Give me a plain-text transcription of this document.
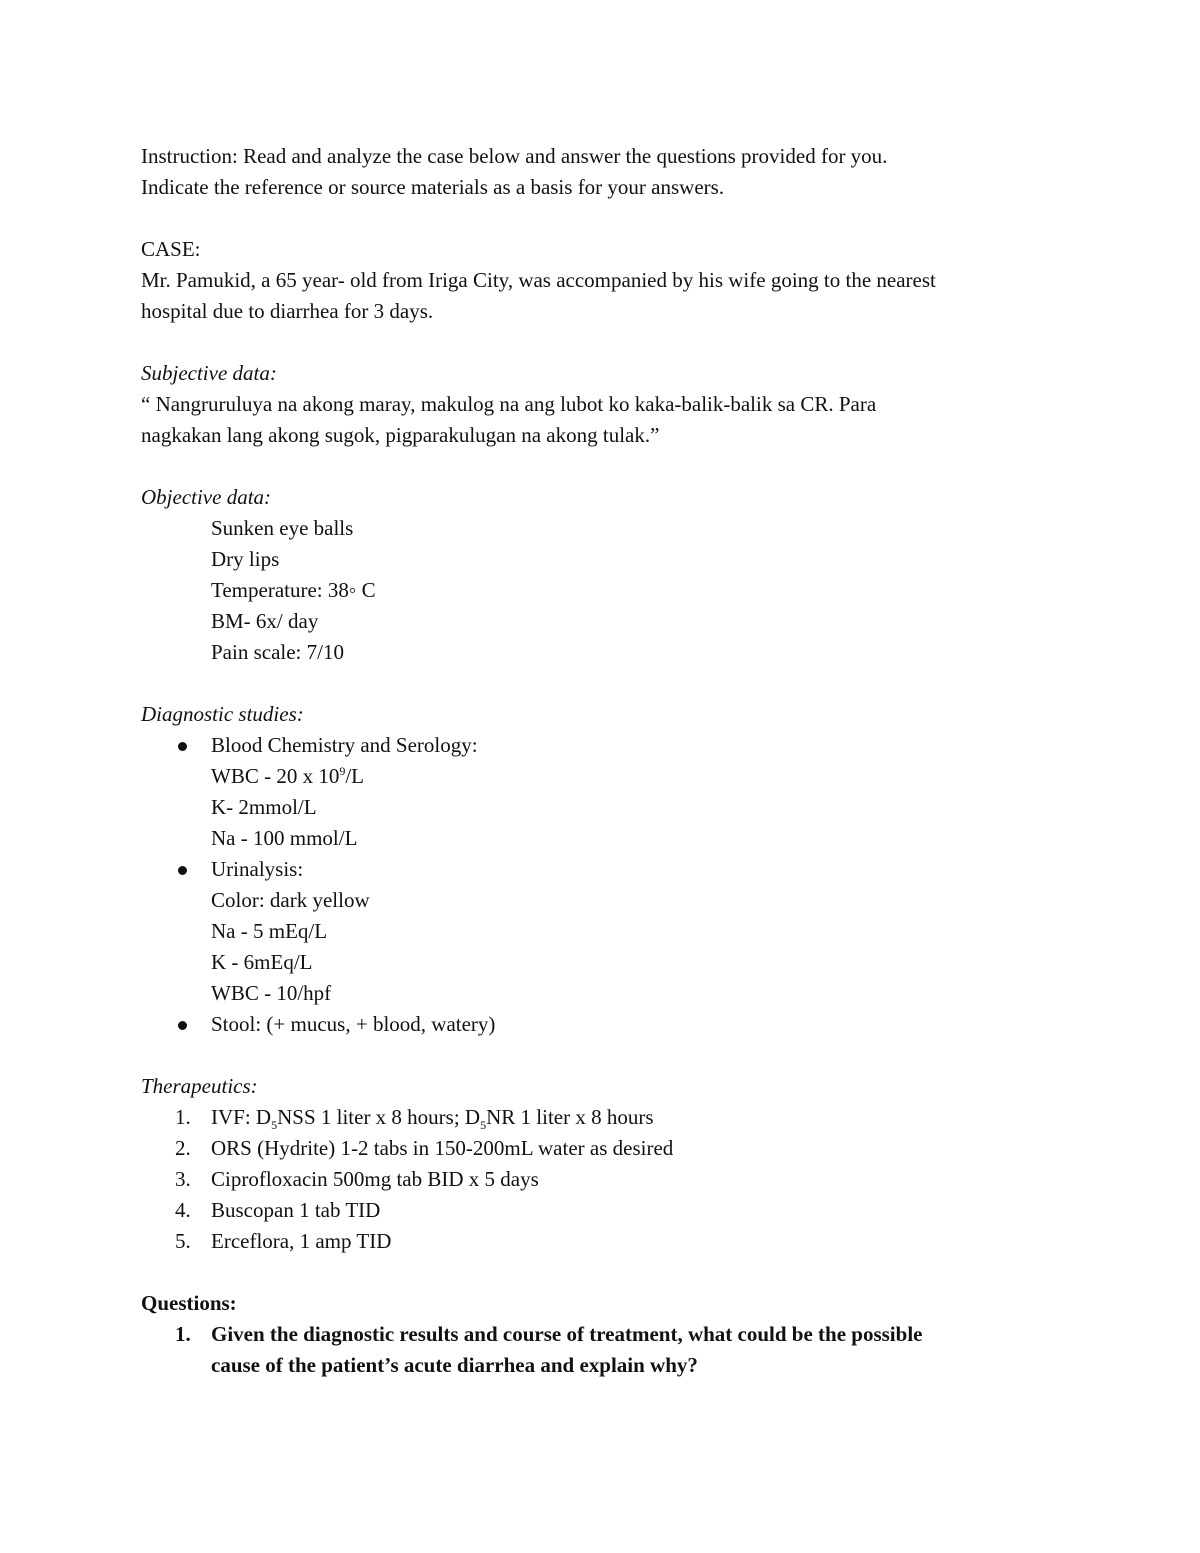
Instruction: Read and analyze the case below and answer the questions provided for you.
Indicate the reference or source materials as a basis for your answers.
CASE:
Mr. Pamukid, a 65 year- old from Iriga City, was accompanied by his wife going to the nearest
hospital due to diarrhea for 3 days.
Subjective data:
“ Nangruruluya na akong maray, makulog na ang lubot ko kaka-balik-balik sa CR. Para
nagkakan lang akong sugok, pigparakulugan na akong tulak.”
Objective data:
Sunken eye balls
Dry lips
Temperature: 38◦ C
BM- 6x/ day
Pain scale: 7/10
Diagnostic studies:
Blood Chemistry and Serology:
WBC - 20 x $10^9/L$
K- 2mmol/L
Na - 100 mmol/L
Urinalysis:
Color: dark yellow
Na - 5 mEq/L
K - 6mEq/L
WBC - 10/hpf
Stool: (+ mucus, + blood, watery)
Therapeutics:
1. IVF: $D_5NSS$ 1 liter x 8 hours; $D_5NR$ 1 liter x 8 hours
2. ORS (Hydrite) 1-2 tabs in 150-200mL water as desired
3. Ciprofloxacin 500mg tab BID x 5 days
4. Buscopan 1 tab TID
5. Erceflora, 1 amp TID
Questions:
1. Given the diagnostic results and course of treatment, what could be the possible
cause of the patient’s acute diarrhea and explain why?
